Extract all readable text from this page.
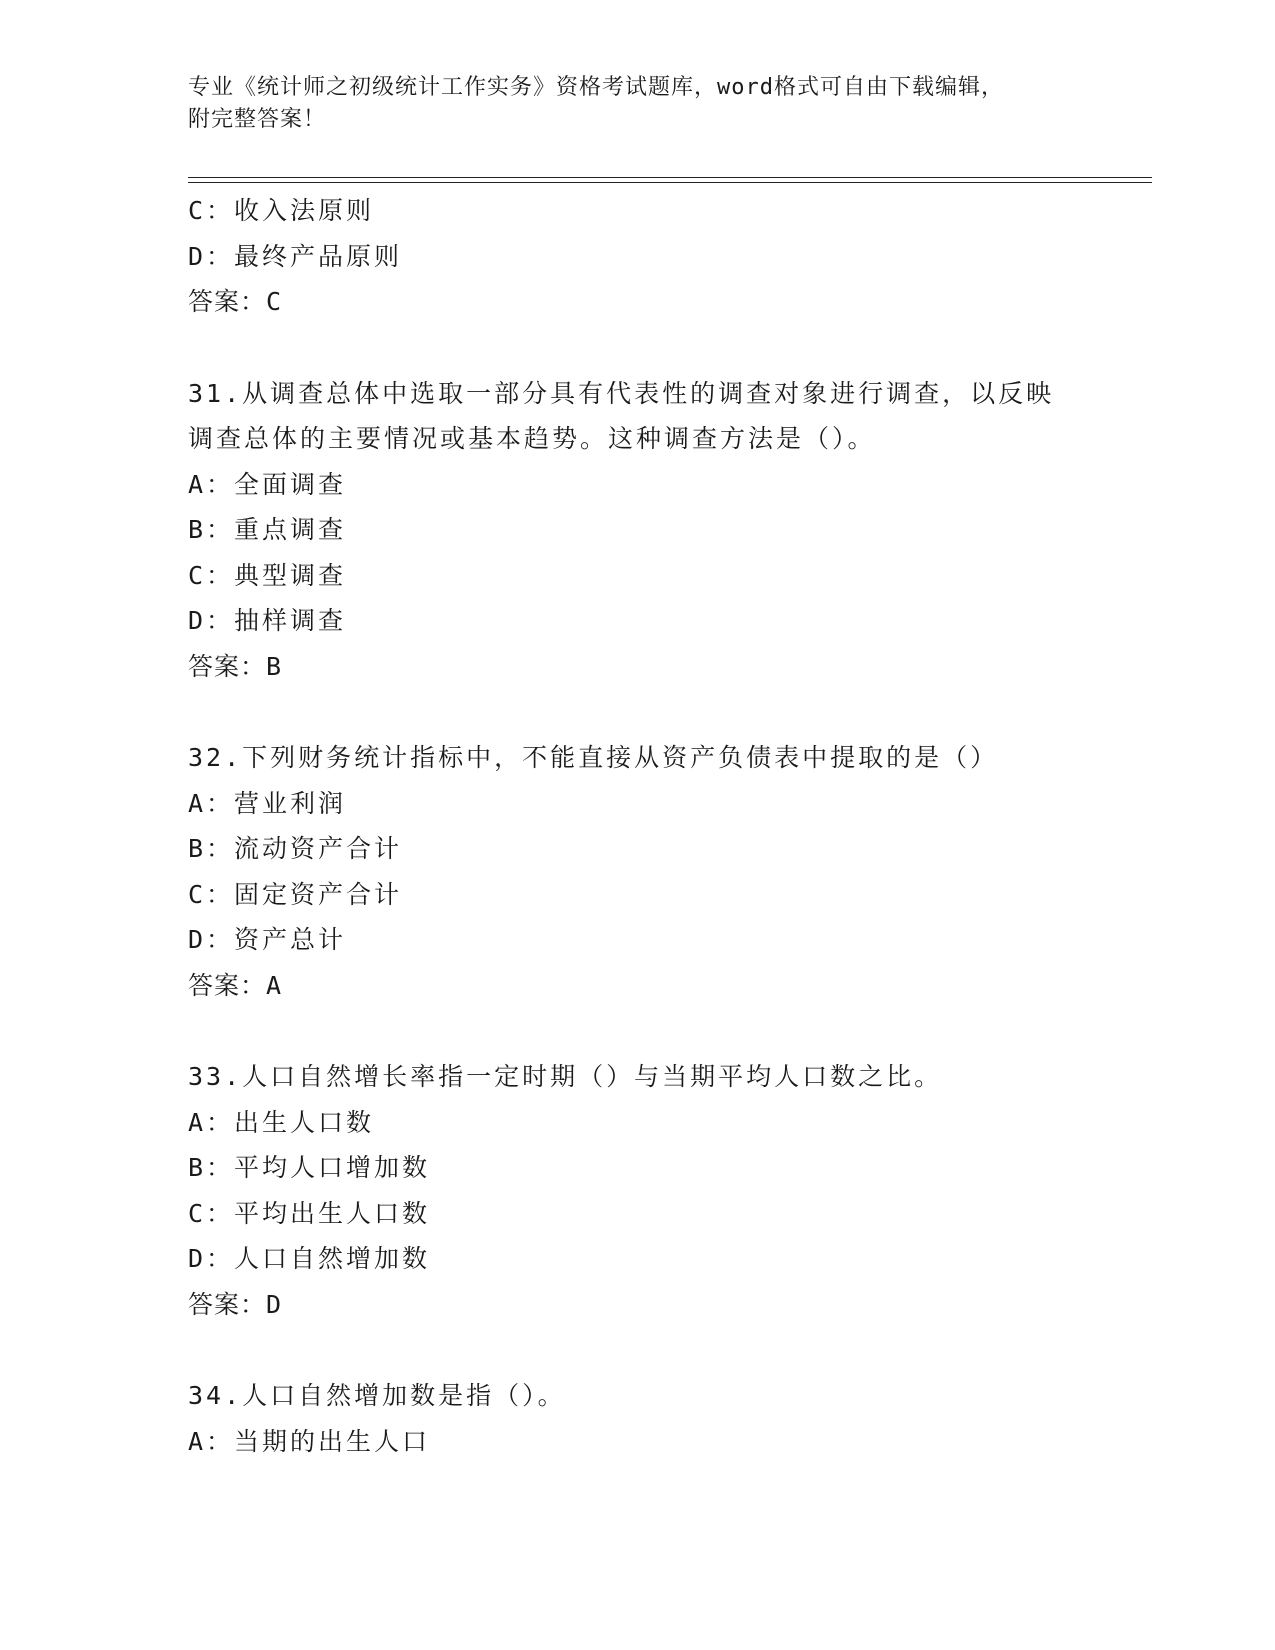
专业《统计师之初级统计工作实务》资格考试题库，word格式可自由下载编辑，
附完整答案！
C：收入法原则
D：最终产品原则
答案：C
31.从调查总体中选取一部分具有代表性的调查对象进行调查，以反映
调查总体的主要情况或基本趋势。这种调查方法是（）。
A：全面调查
B：重点调查
C：典型调查
D：抽样调查
答案：B
32.下列财务统计指标中，不能直接从资产负债表中提取的是（）
A：营业利润
B：流动资产合计
C：固定资产合计
D：资产总计
答案：A
33.人口自然增长率指一定时期（）与当期平均人口数之比。
A：出生人口数
B：平均人口增加数
C：平均出生人口数
D：人口自然增加数
答案：D
34.人口自然增加数是指（）。
A：当期的出生人口
